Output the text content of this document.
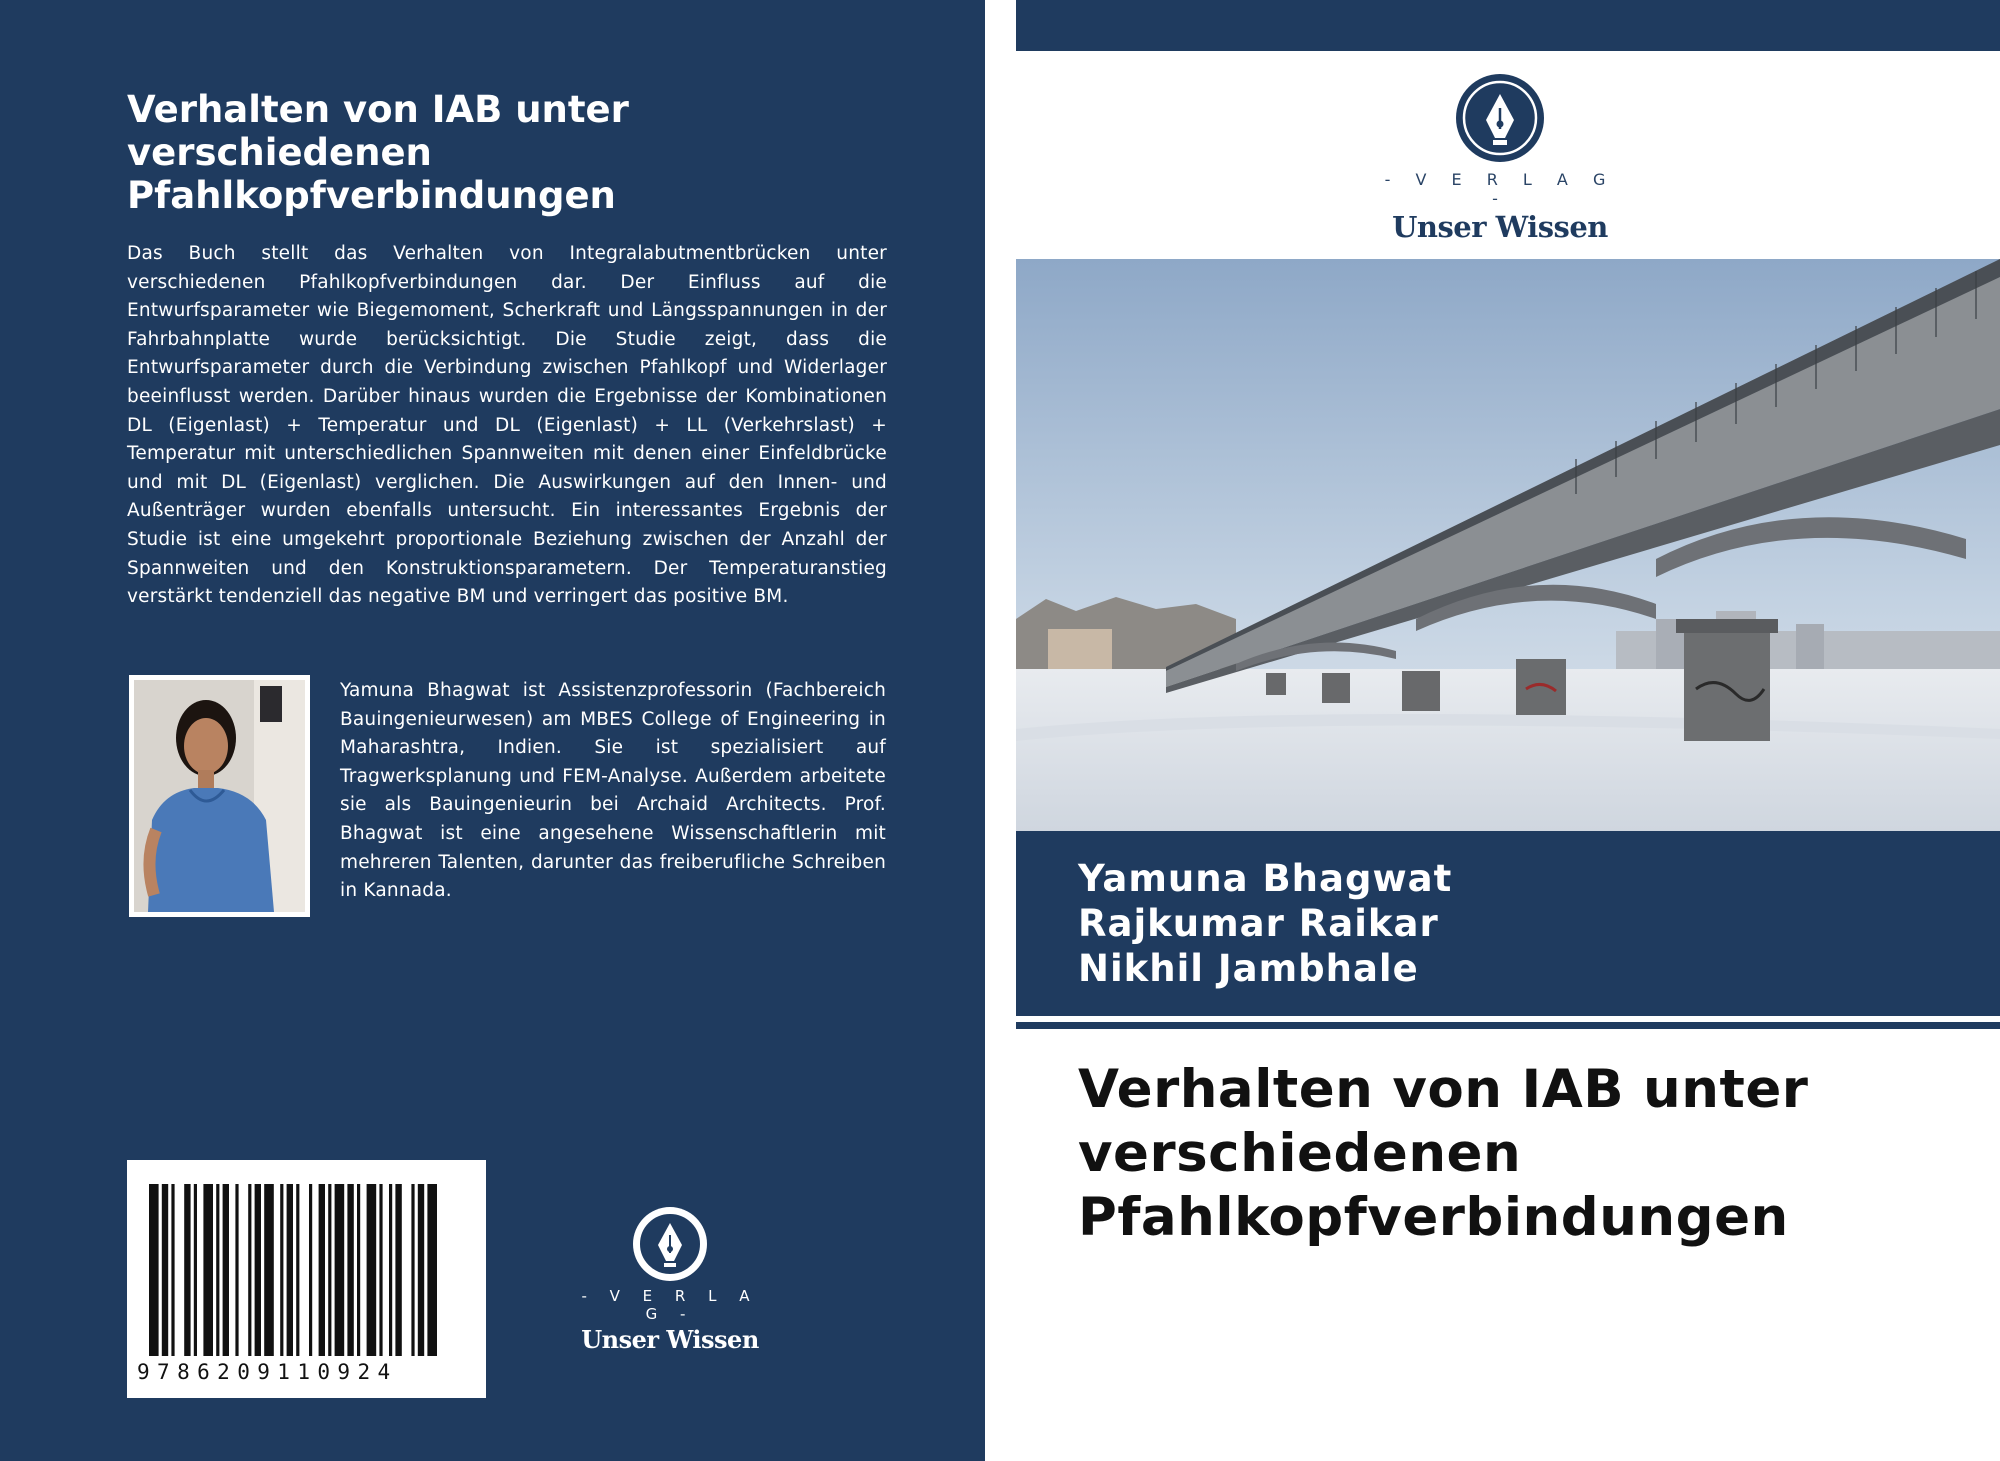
Verhalten von IAB unter verschiedenen Pfahlkopfverbindungen

Das Buch stellt das Verhalten von Integralabutmentbrücken unter verschiedenen Pfahlkopfverbindungen dar. Der Einfluss auf die Entwurfsparameter wie Biegemoment, Scherkraft und Längsspannungen in der Fahrbahnplatte wurde berücksichtigt. Die Studie zeigt, dass die Entwurfsparameter durch die Verbindung zwischen Pfahlkopf und Widerlager beeinflusst werden. Darüber hinaus wurden die Ergebnisse der Kombinationen DL (Eigenlast) + Temperatur und DL (Eigenlast) + LL (Verkehrslast) + Temperatur mit unterschiedlichen Spannweiten mit denen einer Einfeldbrücke und mit DL (Eigenlast) verglichen. Die Auswirkungen auf den Innen- und Außenträger wurden ebenfalls untersucht. Ein interessantes Ergebnis der Studie ist eine umgekehrt proportionale Beziehung zwischen der Anzahl der Spannweiten und den Konstruktionsparametern. Der Temperaturanstieg verstärkt tendenziell das negative BM und verringert das positive BM.

Yamuna Bhagwat ist Assistenzprofessorin (Fachbereich Bauingenieurwesen) am MBES College of Engineering in Maharashtra, Indien. Sie ist spezialisiert auf Tragwerksplanung und FEM-Analyse. Außerdem arbeitete sie als Bauingenieurin bei Archaid Architects. Prof. Bhagwat ist eine angesehene Wissenschaftlerin mit mehreren Talenten, darunter das freiberufliche Schreiben in Kannada.

9786209110924
- V E R L A G -
Unser Wissen
- V E R L A G -
Unser Wissen

Yamuna Bhagwat

Rajkumar Raikar

Nikhil Jambhale

Verhalten von IAB unter verschiedenen Pfahlkopfverbindungen
